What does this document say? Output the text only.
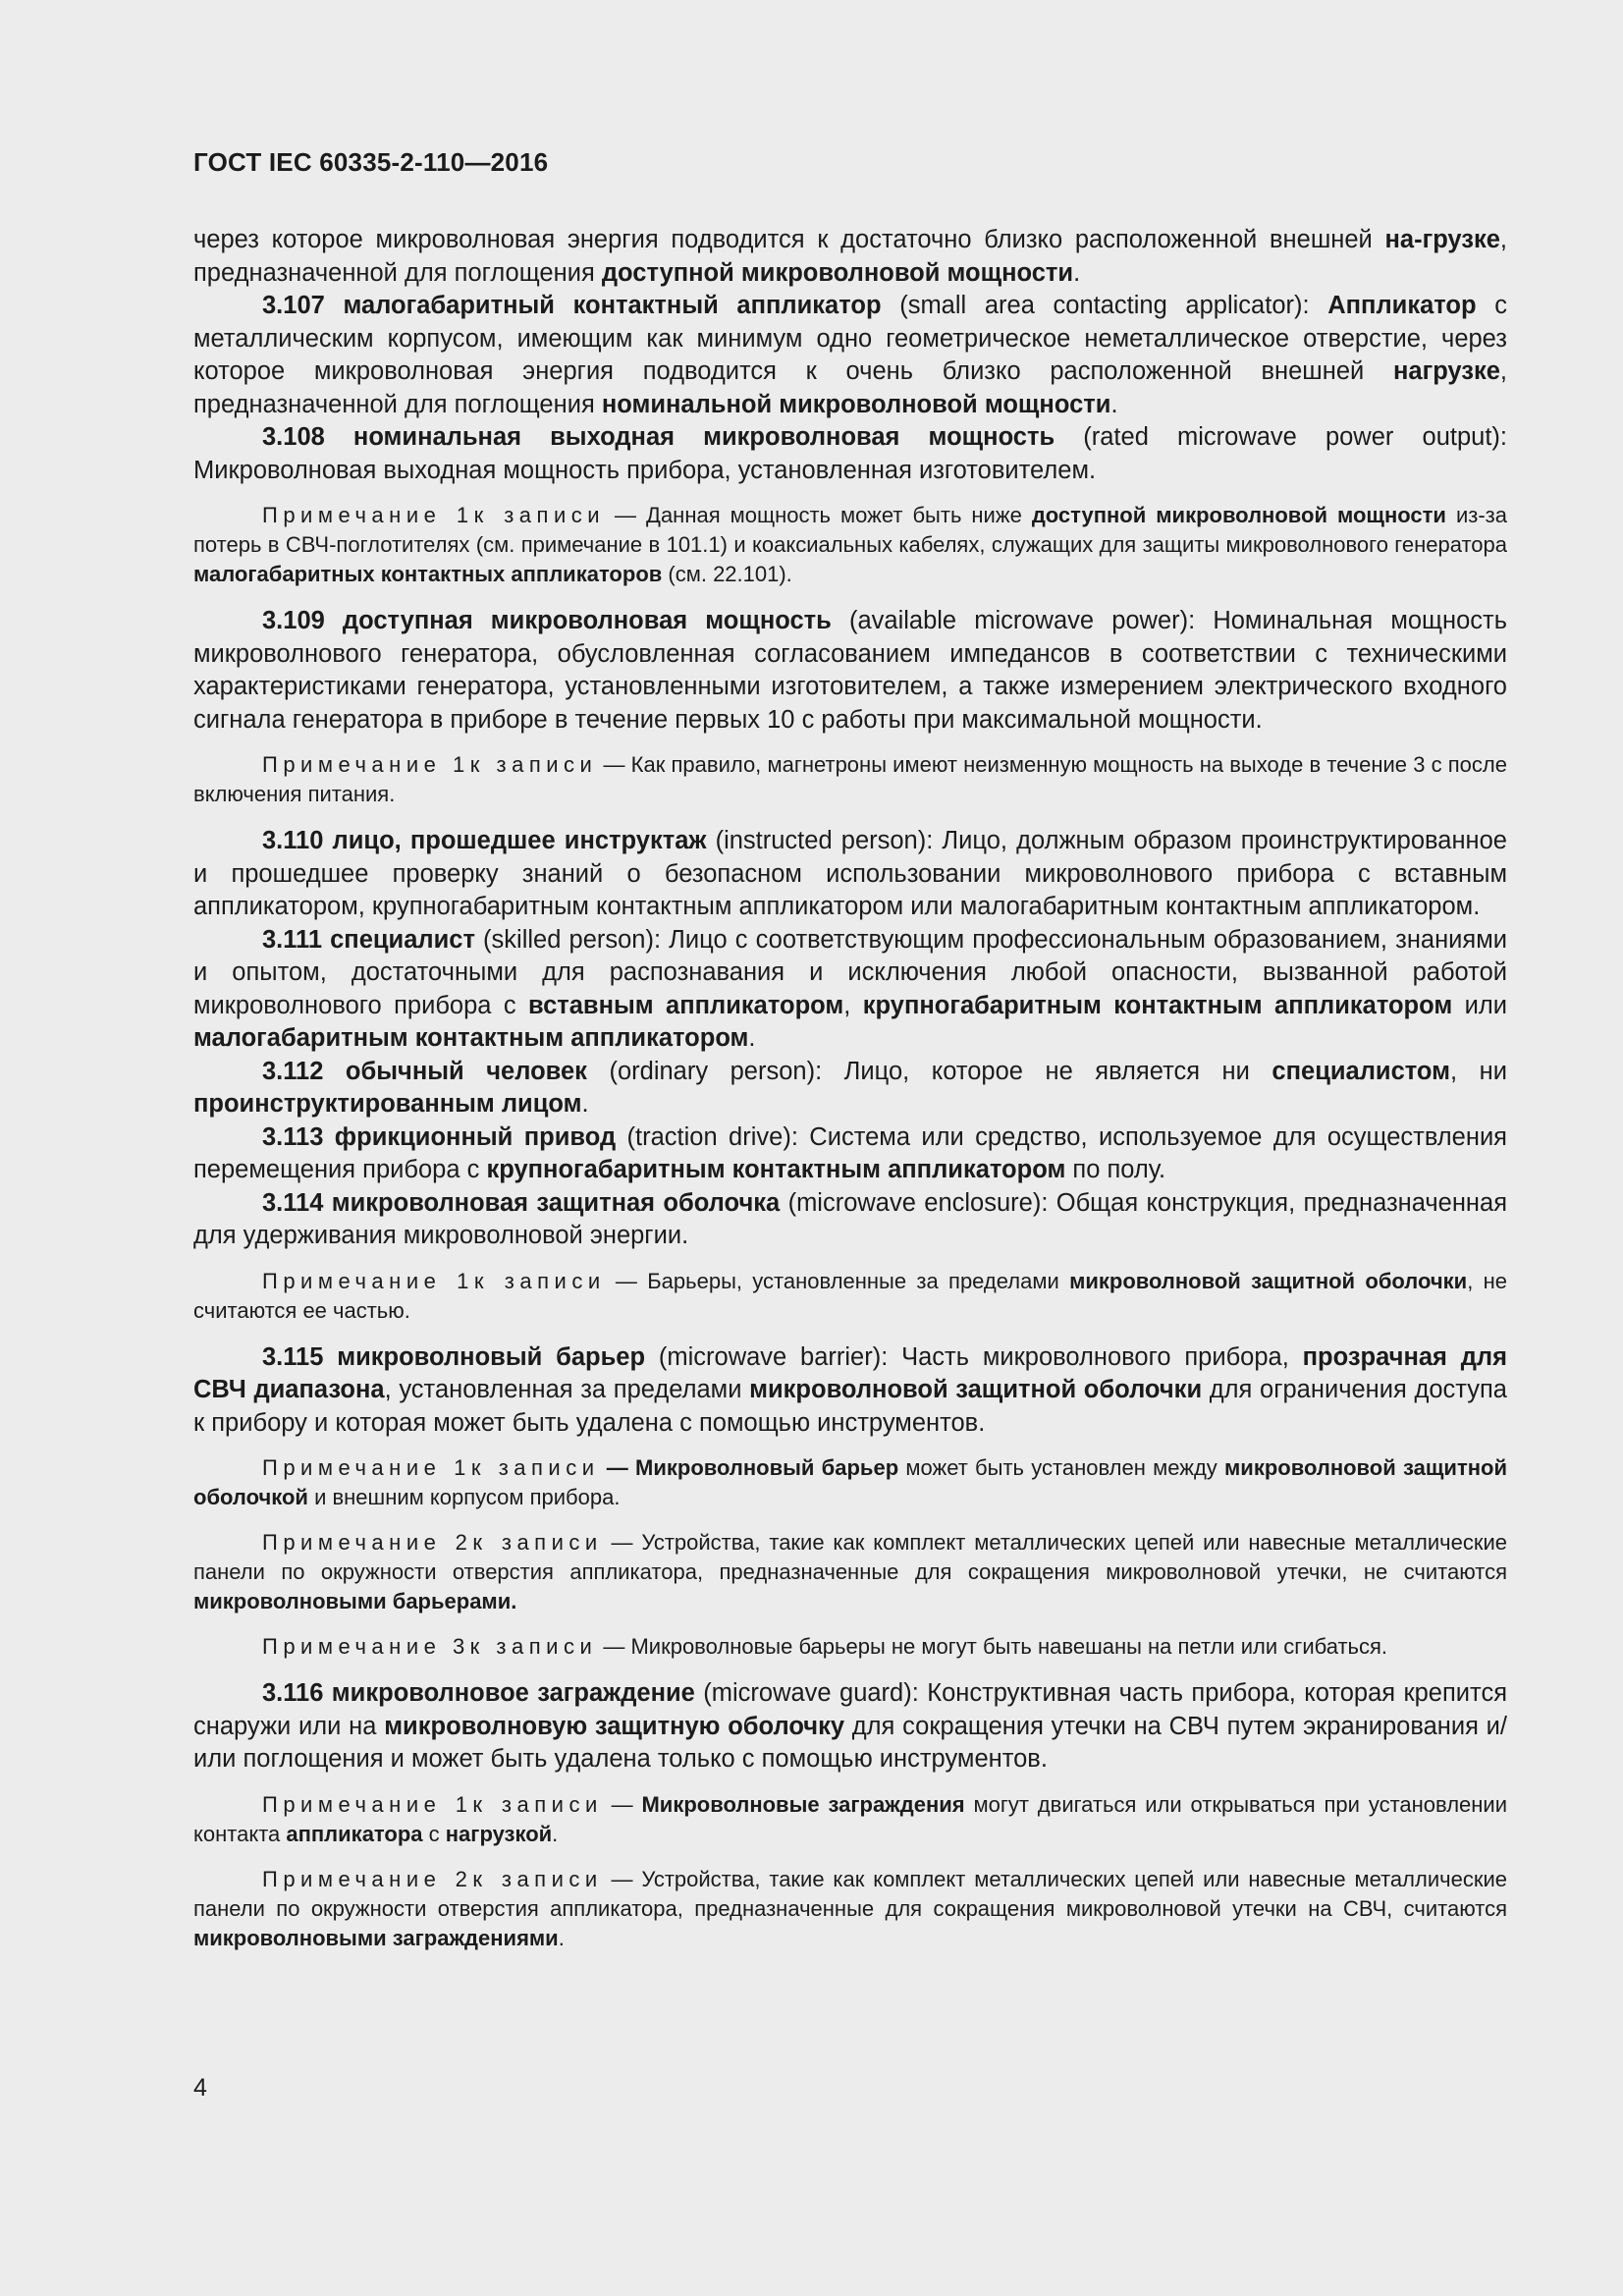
ГОСТ IEC 60335-2-110—2016

через которое микроволновая энергия подводится к достаточно близко расположенной внешней на-грузке, предназначенной для поглощения доступной микроволновой мощности.

3.107 малогабаритный контактный аппликатор (small area contacting applicator): Аппликатор с металлическим корпусом, имеющим как минимум одно геометрическое неметаллическое отверстие, через которое микроволновая энергия подводится к очень близко расположенной внешней нагрузке, предназначенной для поглощения номинальной микроволновой мощности.

3.108 номинальная выходная микроволновая мощность (rated microwave power output): Микроволновая выходная мощность прибора, установленная изготовителем.

Примечание 1к записи — Данная мощность может быть ниже доступной микроволновой мощности из-за потерь в СВЧ-поглотителях (см. примечание в 101.1) и коаксиальных кабелях, служащих для защиты микроволнового генератора малогабаритных контактных аппликаторов (см. 22.101).

3.109 доступная микроволновая мощность (available microwave power): Номинальная мощность микроволнового генератора, обусловленная согласованием импедансов в соответствии с техническими характеристиками генератора, установленными изготовителем, а также измерением электрического входного сигнала генератора в приборе в течение первых 10 с работы при максимальной мощности.

Примечание 1к записи — Как правило, магнетроны имеют неизменную мощность на выходе в течение 3 с после включения питания.

3.110 лицо, прошедшее инструктаж (instructed person): Лицо, должным образом проинструктированное и прошедшее проверку знаний о безопасном использовании микроволнового прибора с вставным аппликатором, крупногабаритным контактным аппликатором или малогабаритным контактным аппликатором.

3.111 специалист (skilled person): Лицо с соответствующим профессиональным образованием, знаниями и опытом, достаточными для распознавания и исключения любой опасности, вызванной работой микроволнового прибора с вставным аппликатором, крупногабаритным контактным аппликатором или малогабаритным контактным аппликатором.

3.112 обычный человек (ordinary person): Лицо, которое не является ни специалистом, ни проинструктированным лицом.

3.113 фрикционный привод (traction drive): Система или средство, используемое для осуществления перемещения прибора с крупногабаритным контактным аппликатором по полу.

3.114 микроволновая защитная оболочка (microwave enclosure): Общая конструкция, предназначенная для удерживания микроволновой энергии.

Примечание 1к записи — Барьеры, установленные за пределами микроволновой защитной оболочки, не считаются ее частью.

3.115 микроволновый барьер (microwave barrier): Часть микроволнового прибора, прозрачная для СВЧ диапазона, установленная за пределами микроволновой защитной оболочки для ограничения доступа к прибору и которая может быть удалена с помощью инструментов.

Примечание 1к записи — Микроволновый барьер может быть установлен между микроволновой защитной оболочкой и внешним корпусом прибора.

Примечание 2к записи — Устройства, такие как комплект металлических цепей или навесные металлические панели по окружности отверстия аппликатора, предназначенные для сокращения микроволновой утечки, не считаются микроволновыми барьерами.

Примечание 3к записи — Микроволновые барьеры не могут быть навешаны на петли или сгибаться.

3.116 микроволновое заграждение (microwave guard): Конструктивная часть прибора, которая крепится снаружи или на микроволновую защитную оболочку для сокращения утечки на СВЧ путем экранирования и/или поглощения и может быть удалена только с помощью инструментов.

Примечание 1к записи — Микроволновые заграждения могут двигаться или открываться при установлении контакта аппликатора с нагрузкой.

Примечание 2к записи — Устройства, такие как комплект металлических цепей или навесные металлические панели по окружности отверстия аппликатора, предназначенные для сокращения микроволновой утечки на СВЧ, считаются микроволновыми заграждениями.

4
